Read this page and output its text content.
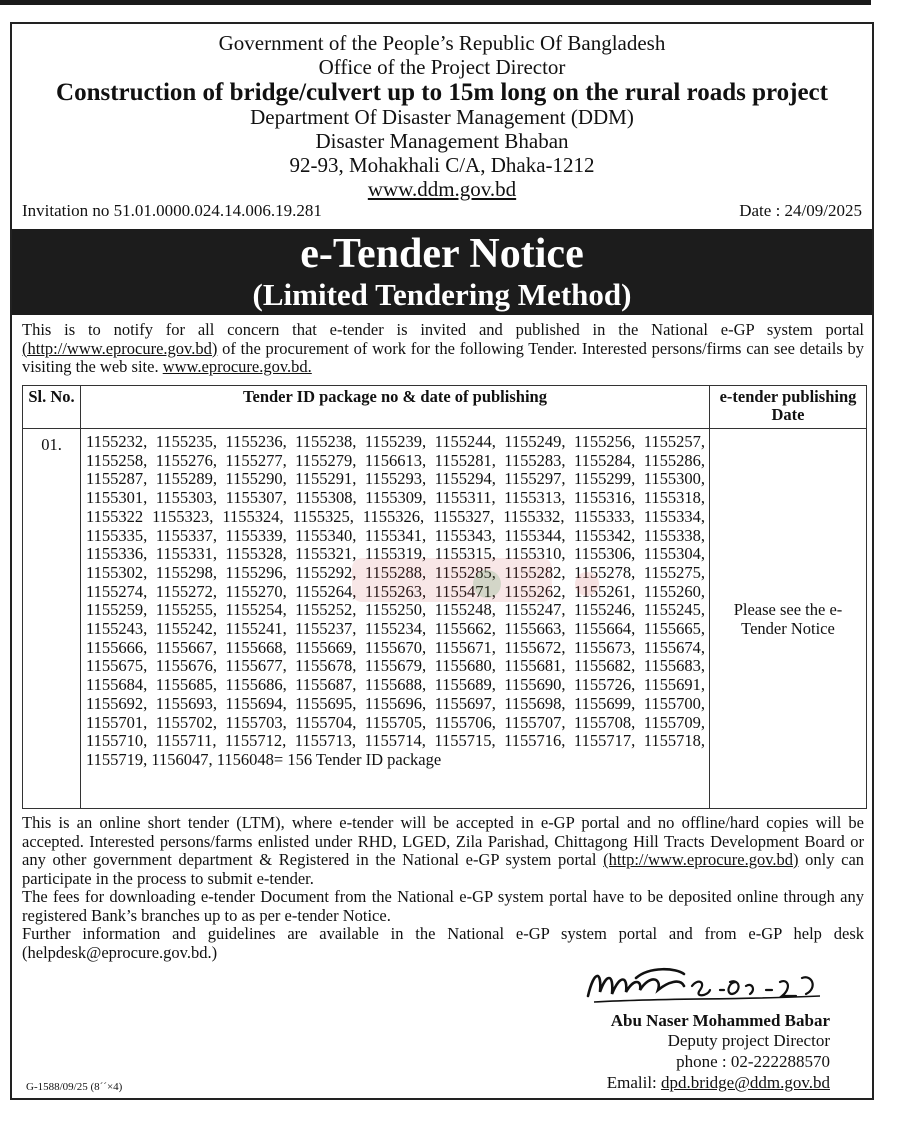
Government of the People’s Republic Of Bangladesh
Office of the Project Director
Construction of bridge/culvert up to 15m long on the rural roads project
Department Of Disaster Management (DDM)
Disaster Management Bhaban
92-93, Mohakhali C/A, Dhaka-1212
www.ddm.gov.bd
Invitation no 51.01.0000.024.14.006.19.281	Date : 24/09/2025
e-Tender Notice
(Limited Tendering Method)
This is to notify for all concern that e-tender is invited and published in the National e-GP system portal (http://www.eprocure.gov.bd) of the procurement of work for the following Tender. Interested persons/firms can see details by visiting the web site. www.eprocure.gov.bd.
Sl. No.	Tender ID package no & date of publishing	e-tender publishing Date
01.	1155232, 1155235, 1155236, 1155238, 1155239, 1155244, 1155249, 1155256, 1155257, 1155258, 1155276, 1155277, 1155279, 1156613, 1155281, 1155283, 1155284, 1155286, 1155287, 1155289, 1155290, 1155291, 1155293, 1155294, 1155297, 1155299, 1155300, 1155301, 1155303, 1155307, 1155308, 1155309, 1155311, 1155313, 1155316, 1155318, 1155322 1155323, 1155324, 1155325, 1155326, 1155327, 1155332, 1155333, 1155334, 1155335, 1155337, 1155339, 1155340, 1155341, 1155343, 1155344, 1155342, 1155338, 1155336, 1155331, 1155328, 1155321, 1155319, 1155315, 1155310, 1155306, 1155304, 1155302, 1155298, 1155296, 1155292, 1155288, 1155285, 1155282, 1155278, 1155275, 1155274, 1155272, 1155270, 1155264, 1155263, 1155471, 1155262, 1155261, 1155260, 1155259, 1155255, 1155254, 1155252, 1155250, 1155248, 1155247, 1155246, 1155245, 1155243, 1155242, 1155241, 1155237, 1155234, 1155662, 1155663, 1155664, 1155665, 1155666, 1155667, 1155668, 1155669, 1155670, 1155671, 1155672, 1155673, 1155674, 1155675, 1155676, 1155677, 1155678, 1155679, 1155680, 1155681, 1155682, 1155683, 1155684, 1155685, 1155686, 1155687, 1155688, 1155689, 1155690, 1155726, 1155691, 1155692, 1155693, 1155694, 1155695, 1155696, 1155697, 1155698, 1155699, 1155700, 1155701, 1155702, 1155703, 1155704, 1155705, 1155706, 1155707, 1155708, 1155709, 1155710, 1155711, 1155712, 1155713, 1155714, 1155715, 1155716, 1155717, 1155718, 1155719, 1156047, 1156048= 156 Tender ID package	Please see the e-Tender Notice

This is an online short tender (LTM), where e-tender will be accepted in e-GP portal and no offline/hard copies will be accepted. Interested persons/farms enlisted under RHD, LGED, Zila Parishad, Chittagong Hill Tracts Development Board or any other government department & Registered in the National e-GP system portal (http://www.eprocure.gov.bd) only can participate in the process to submit e-tender.

The fees for downloading e-tender Document from the National e-GP system portal have to be deposited online through any registered Bank’s branches up to as per e-tender Notice.

Further information and guidelines are available in the National e-GP system portal and from e-GP help desk (helpdesk@eprocure.gov.bd.)

Abu Naser Mohammed Babar
Deputy project Director
phone : 02-222288570
Emalil: dpd.bridge@ddm.gov.bd
G-1588/09/25 (8´´×4)
